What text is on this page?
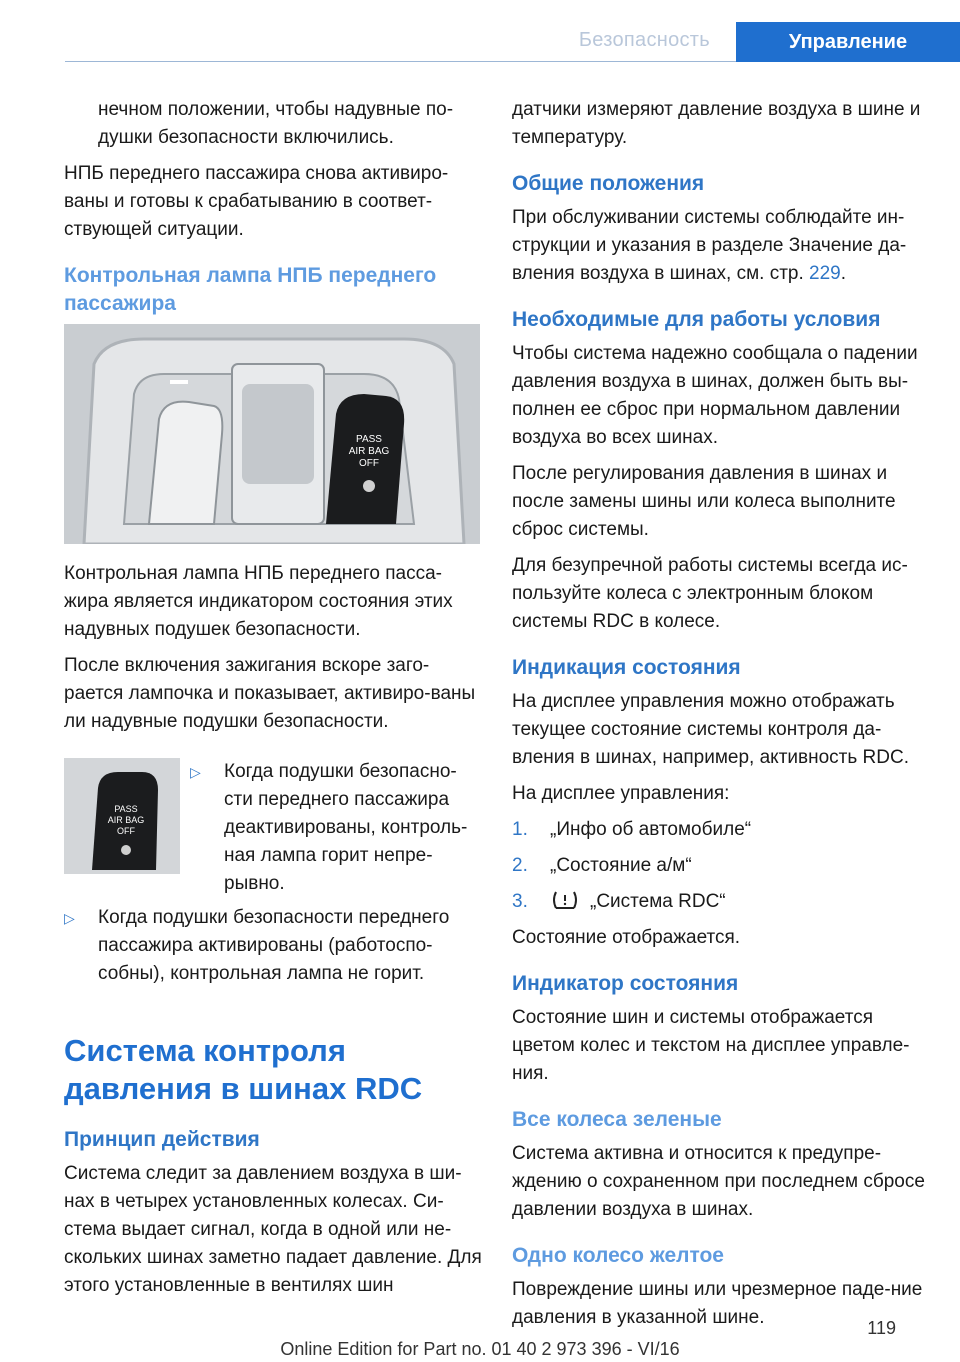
Безопасность	Управление

нечном положении, чтобы надувные по-душки безопасности включились.

НПБ переднего пассажира снова активиро-ваны и готовы к срабатыванию в соответ-ствующей ситуации.

Контрольная лампа НПБ переднего пассажира
PASS
AIR BAG
OFF

Контрольная лампа НПБ переднего пасса-жира является индикатором состояния этих надувных подушек безопасности.

После включения зажигания вскоре заго-рается лампочка и показывает, активиро-ваны ли надувные подушки безопасности.

PASS
AIR BAG
OFF
▷	Когда подушки безопасно-сти переднего пассажира деактивированы, контроль-ная лампа горит непре-рывно.
▷	Когда подушки безопасности переднего пассажира активированы (работоспо-собны), контрольная лампа не горит.
Система контроля давления в шинах RDC
Принцип действия

Система следит за давлением воздуха в ши-нах в четырех установленных колесах. Си-стема выдает сигнал, когда в одной или не-скольких шинах заметно падает давление. Для этого установленные в вентилях шин

датчики измеряют давление воздуха в шине и температуру.

Общие положения

При обслуживании системы соблюдайте ин-струкции и указания в разделе Значение да-вления воздуха в шинах, см. стр. 229.

Необходимые для работы условия

Чтобы система надежно сообщала о падении давления воздуха в шинах, должен быть вы-полнен ее сброс при нормальном давлении воздуха во всех шинах.

После регулирования давления в шинах и после замены шины или колеса выполните сброс системы.

Для безупречной работы системы всегда ис-пользуйте колеса с электронным блоком системы RDC в колесе.

Индикация состояния

На дисплее управления можно отображать текущее состояние системы контроля да-вления в шинах, например, активность RDC.

На дисплее управления:

1.	„Инфо об автомобиле“
2.	„Состояние а/м“
3.	„Система RDC“

Состояние отображается.

Индикатор состояния

Состояние шин и системы отображается цветом колес и текстом на дисплее управле-ния.

Все колеса зеленые

Система активна и относится к предупре-ждению о сохраненном при последнем сбросе давлении воздуха в шинах.

Одно колесо желтое

Повреждение шины или чрезмерное паде-ние давления в указанной шине.	119
Online Edition for Part no. 01 40 2 973 396 - VI/16
